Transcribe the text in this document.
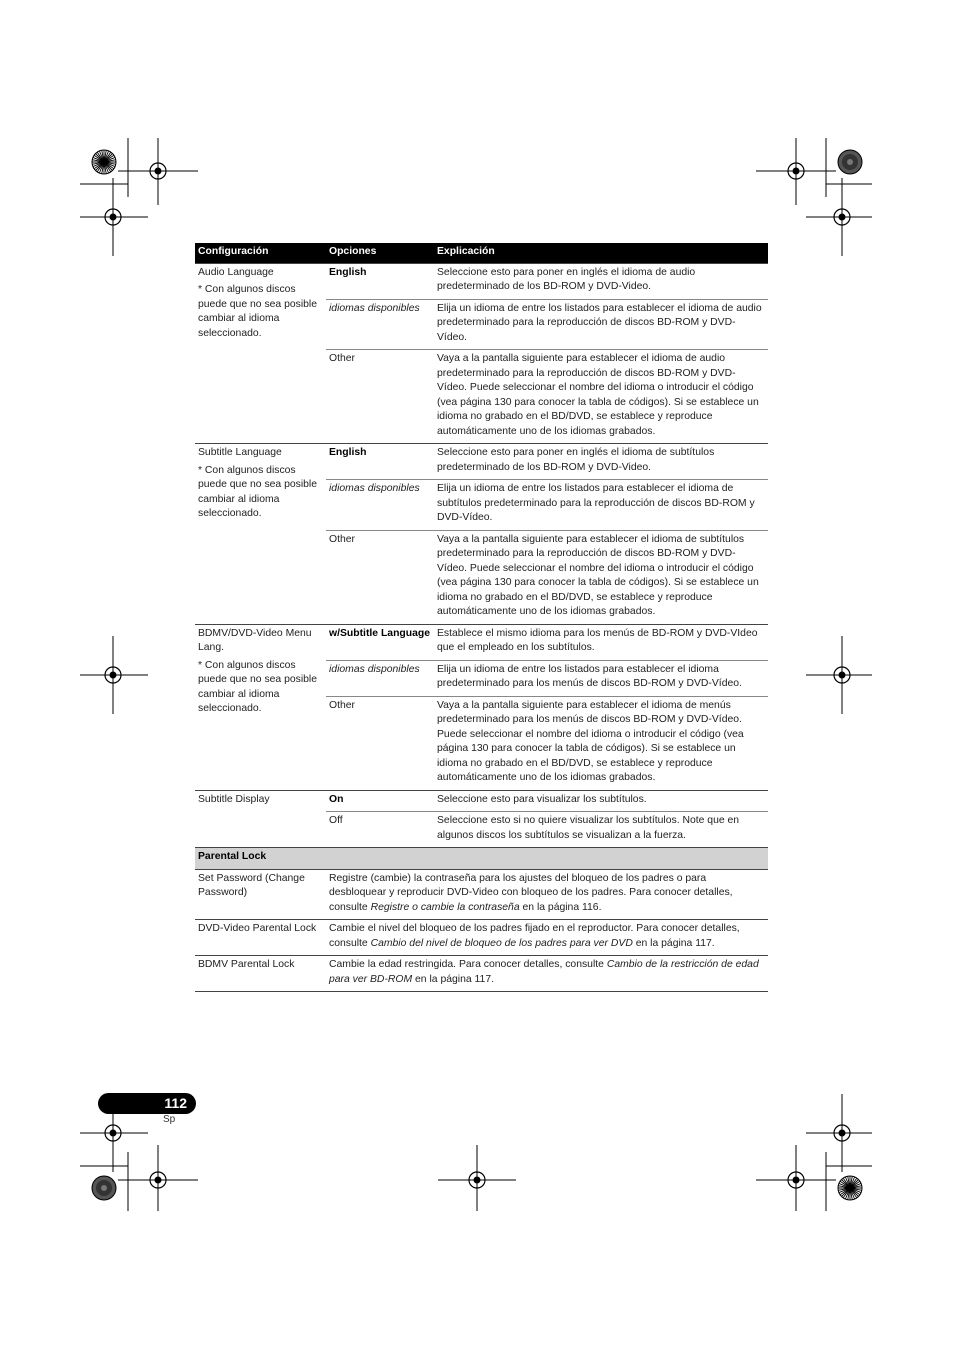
Configuración	Opciones	Explicación
Audio Language
* Con algunos discos puede que no sea posible cambiar al idioma seleccionado.	English	Seleccione esto para poner en inglés el idioma de audio predeterminado de los BD-ROM y DVD-Video.
	idiomas disponibles	Elija un idioma de entre los listados para establecer el idioma de audio predeterminado para la reproducción de discos BD-ROM y DVD-Vídeo.
	Other	Vaya a la pantalla siguiente para establecer el idioma de audio predeterminado para la reproducción de discos BD-ROM y DVD-Vídeo. Puede seleccionar el nombre del idioma o introducir el código (vea página 130 para conocer la tabla de códigos). Si se establece un idioma no grabado en el BD/DVD, se establece y reproduce automáticamente uno de los idiomas grabados.
Subtitle Language
* Con algunos discos puede que no sea posible cambiar al idioma seleccionado.	English	Seleccione esto para poner en inglés el idioma de subtítulos predeterminado de los BD-ROM y DVD-Video.
	idiomas disponibles	Elija un idioma de entre los listados para establecer el idioma de subtítulos predeterminado para la reproducción de discos BD-ROM y DVD-Vídeo.
	Other	Vaya a la pantalla siguiente para establecer el idioma de subtítulos predeterminado para la reproducción de discos BD-ROM y DVD-Vídeo. Puede seleccionar el nombre del idioma o introducir el código (vea página 130 para conocer la tabla de códigos). Si se establece un idioma no grabado en el BD/DVD, se establece y reproduce automáticamente uno de los idiomas grabados.
BDMV/DVD-Video Menu Lang.
* Con algunos discos puede que no sea posible cambiar al idioma seleccionado.	w/Subtitle Language	Establece el mismo idioma para los menús de BD-ROM y DVD-VIdeo que el empleado en los subtítulos.
	idiomas disponibles	Elija un idioma de entre los listados para establecer el idioma predeterminado para los menús de discos BD-ROM y DVD-Vídeo.
	Other	Vaya a la pantalla siguiente para establecer el idioma de menús predeterminado para los menús de discos BD-ROM y DVD-Vídeo. Puede seleccionar el nombre del idioma o introducir el código (vea página 130 para conocer la tabla de códigos). Si se establece un idioma no grabado en el BD/DVD, se establece y reproduce automáticamente uno de los idiomas grabados.
Subtitle Display	On	Seleccione esto para visualizar los subtítulos.
	Off	Seleccione esto si no quiere visualizar los subtítulos. Note que en algunos discos los subtítulos se visualizan a la fuerza.
Parental Lock		
Set Password (Change Password)	Registre (cambie) la contraseña para los ajustes del bloqueo de los padres o para desbloquear y reproducir DVD-Video con bloqueo de los padres. Para conocer detalles, consulte Registre o cambie la contraseña en la página 116.	
DVD-Video Parental Lock	Cambie el nivel del bloqueo de los padres fijado en el reproductor. Para conocer detalles, consulte Cambio del nivel de bloqueo de los padres para ver DVD en la página 117.	
BDMV Parental Lock	Cambie la edad restringida. Para conocer detalles, consulte Cambio de la restricción de edad para ver BD-ROM en la página 117.	
112
Sp
